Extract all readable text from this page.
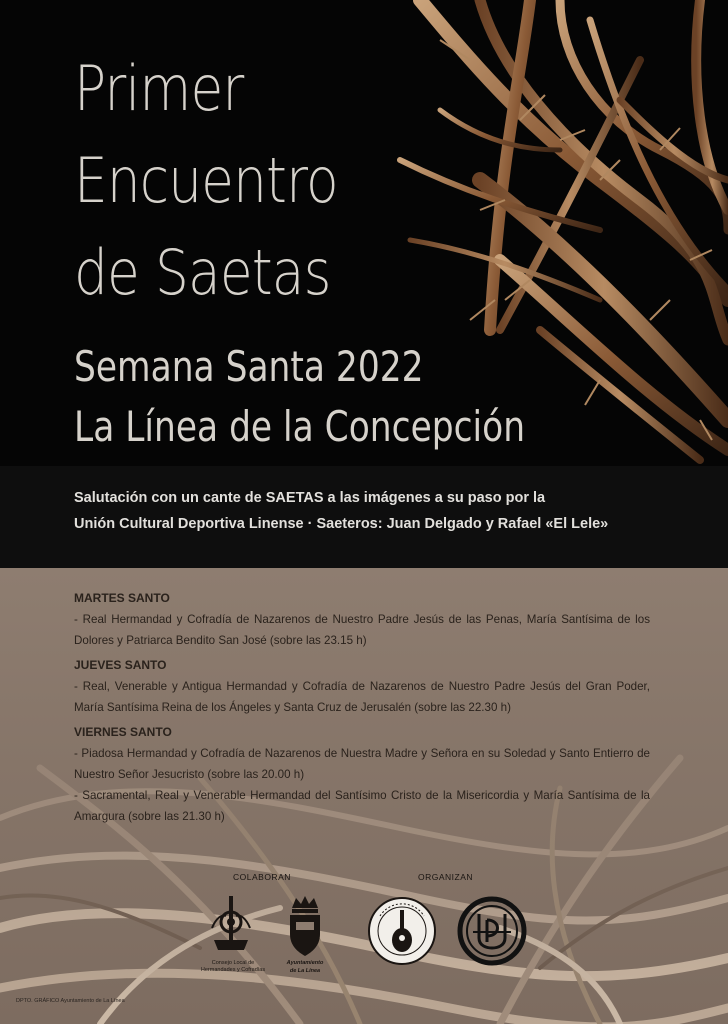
Primer
Encuentro
de Saetas
Semana Santa 2022
La Línea de la Concepción
Salutación con un cante de SAETAS a las imágenes a su paso por la
Unión Cultural Deportiva Linense · Saeteros: Juan Delgado y Rafael «El Lele»
MARTES SANTO
- Real Hermandad y Cofradía de Nazarenos de Nuestro Padre Jesús de las Penas, María Santísima de los Dolores y Patriarca Bendito San José (sobre las 23.15 h)
JUEVES SANTO
- Real, Venerable y Antigua Hermandad y Cofradía de Nazarenos de Nuestro Padre Jesús del Gran Poder, María Santísima Reina de los Ángeles y Santa Cruz de Jerusalén (sobre las 22.30 h)
VIERNES SANTO
- Piadosa Hermandad y Cofradía de Nazarenos de Nuestra Madre y Señora en su Soledad y Santo Entierro de Nuestro Señor Jesucristo (sobre las 20.00 h)
- Sacramental, Real y Venerable Hermandad del Santísimo Cristo de la Misericordia y María Santísima de la Amargura (sobre las 21.30 h)
COLABORAN	ORGANIZAN
Consejo Local de Hermandades y Cofradías
Ayuntamiento
de La Línea
DPTO. GRÁFICO Ayuntamiento de La Línea
